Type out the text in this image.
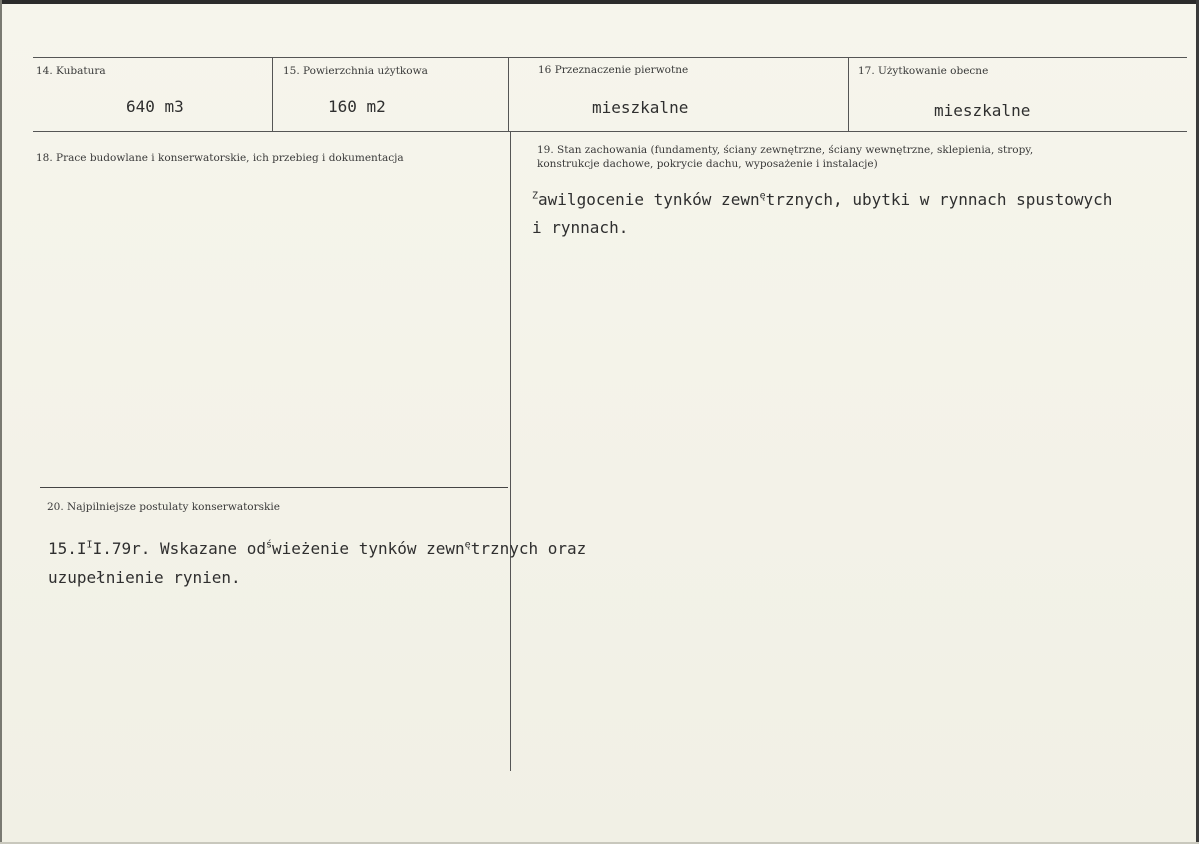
14. Kubatura
640 m3
15. Powierzchnia użytkowa
160 m2
16 Przeznaczenie pierwotne
mieszkalne
17. Użytkowanie obecne
mieszkalne
18. Prace budowlane i konserwatorskie, ich przebieg i dokumentacja
19. Stan zachowania (fundamenty, ściany zewnętrzne, ściany wewnętrzne, sklepienia, stropy,
konstrukcje dachowe, pokrycie dachu, wyposażenie i instalacje)
$^Z$awilgocenie tynków zewn$^ę$trznych, ubytki w rynnach spustowych
i rynnach.
20. Najpilniejsze postulaty konserwatorskie
$15.I^II.79r$. Wskazane $od^świeżenie$ tynków zewn$^ę$trznych oraz
uzupełnienie rynien.
